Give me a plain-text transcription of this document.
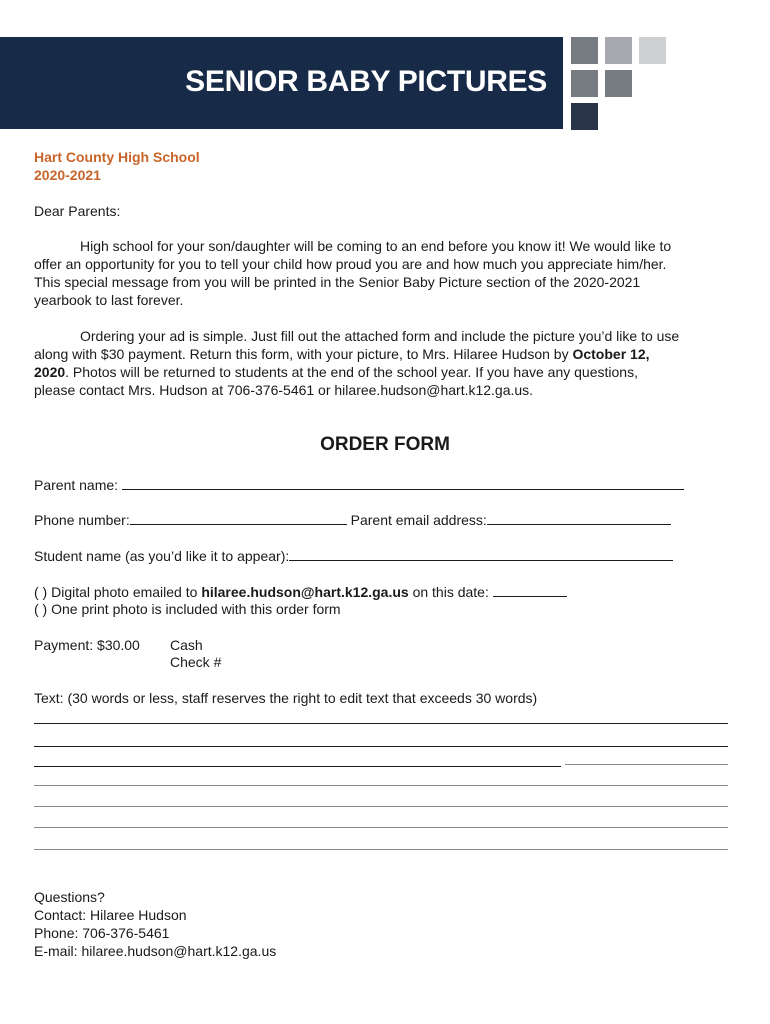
SENIOR BABY PICTURES
Hart County High School
2020-2021
Dear Parents:
High school for your son/daughter will be coming to an end before you know it! We would like to
offer an opportunity for you to tell your child how proud you are and how much you appreciate him/her.
This special message from you will be printed in the Senior Baby Picture section of the 2020-2021
yearbook to last forever.
Ordering your ad is simple. Just fill out the attached form and include the picture you’d like to use
along with $30 payment. Return this form, with your picture, to Mrs. Hilaree Hudson by October 12,
2020. Photos will be returned to students at the end of the school year. If you have any questions,
please contact Mrs. Hudson at 706-376-5461 or hilaree.hudson@hart.k12.ga.us.
ORDER FORM
Parent name:
Phone number:	Parent email address:
Student name (as you’d like it to appear):
( ) Digital photo emailed to hilaree.hudson@hart.k12.ga.us on this date:
( ) One print photo is included with this order form
Payment: $30.00 Cash
Check #
Text: (30 words or less, staff reserves the right to edit text that exceeds 30 words)
Questions?
Contact: Hilaree Hudson
Phone: 706-376-5461
E-mail: hilaree.hudson@hart.k12.ga.us
